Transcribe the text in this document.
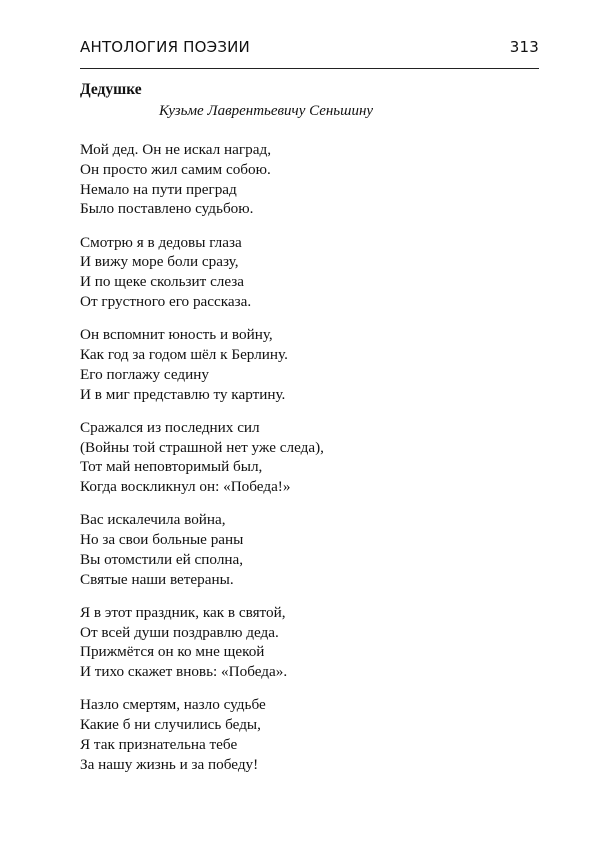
АНТОЛОГИЯ ПОЭЗИИ	313
Дедушке
Кузьме Лаврентьевичу Сеньшину
Мой дед. Он не искал наград,
Он просто жил самим собою.
Немало на пути преград
Было поставлено судьбою.
Смотрю я в дедовы глаза
И вижу море боли сразу,
И по щеке скользит слеза
От грустного его рассказа.
Он вспомнит юность и войну,
Как год за годом шёл к Берлину.
Его поглажу седину
И в миг представлю ту картину.
Сражался из последних сил
(Войны той страшной нет уже следа),
Тот май неповторимый был,
Когда воскликнул он: «Победа!»
Вас искалечила война,
Но за свои больные раны
Вы отомстили ей сполна,
Святые наши ветераны.
Я в этот праздник, как в святой,
От всей души поздравлю деда.
Прижмётся он ко мне щекой
И тихо скажет вновь: «Победа».
Назло смертям, назло судьбе
Какие б ни случились беды,
Я так признательна тебе
За нашу жизнь и за победу!
